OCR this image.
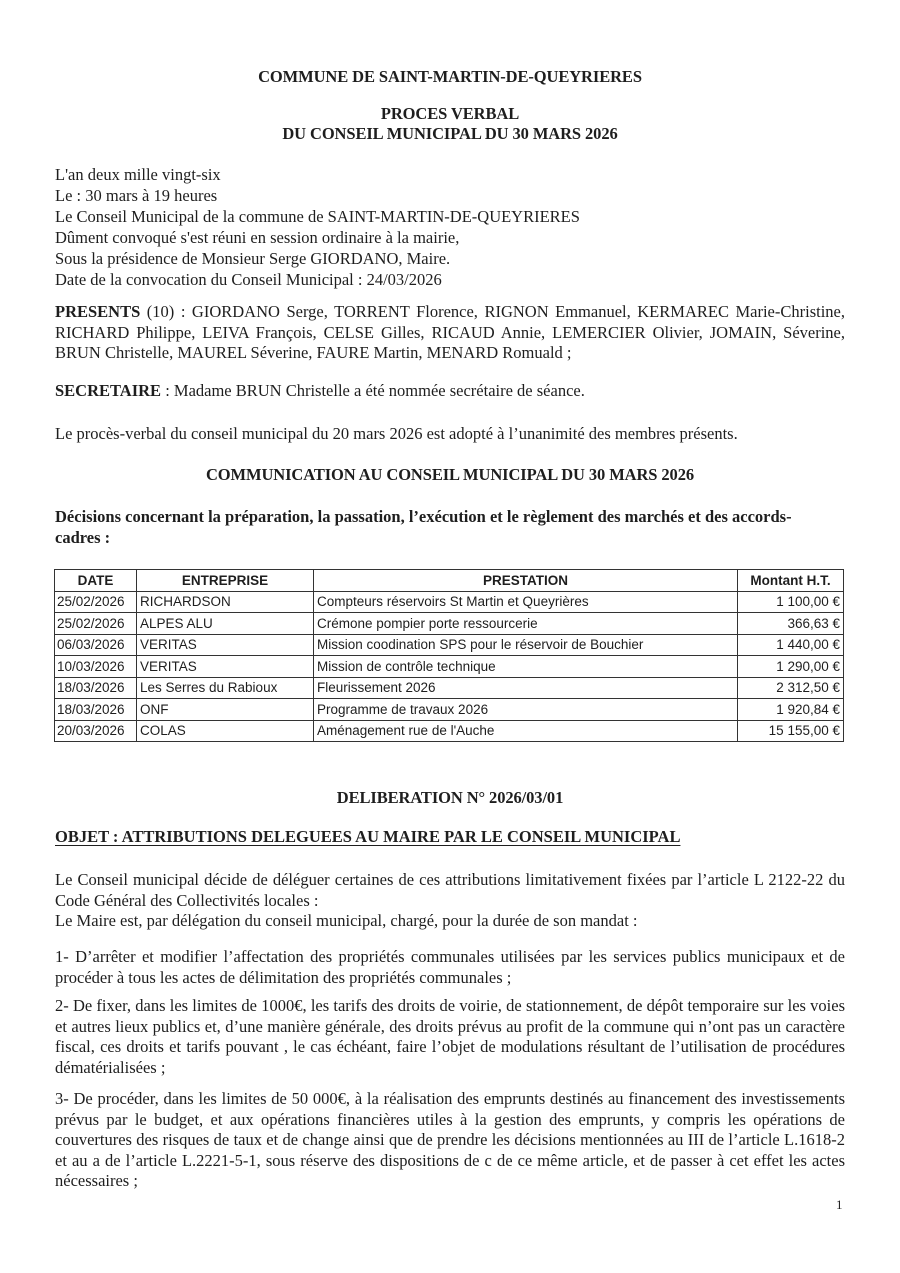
COMMUNE DE SAINT-MARTIN-DE-QUEYRIERES
PROCES VERBAL
DU CONSEIL MUNICIPAL DU 30 MARS 2026
L'an deux mille vingt-six
Le : 30 mars à 19 heures
Le Conseil Municipal de la commune de SAINT-MARTIN-DE-QUEYRIERES
Dûment convoqué s'est réuni en session ordinaire à la mairie,
Sous la présidence de Monsieur Serge GIORDANO, Maire.
Date de la convocation du Conseil Municipal : 24/03/2026
PRESENTS (10) : GIORDANO Serge, TORRENT Florence, RIGNON Emmanuel, KERMAREC Marie-Christine, RICHARD Philippe, LEIVA François, CELSE Gilles, RICAUD Annie, LEMERCIER Olivier, JOMAIN, Séverine, BRUN Christelle, MAUREL Séverine, FAURE Martin, MENARD Romuald ;
SECRETAIRE : Madame BRUN Christelle a été nommée secrétaire de séance.
Le procès-verbal du conseil municipal du 20 mars 2026 est adopté à l’unanimité des membres présents.
COMMUNICATION AU CONSEIL MUNICIPAL DU 30 MARS 2026
Décisions concernant la préparation, la passation, l’exécution et le règlement des marchés et des accords-cadres :
DATE	ENTREPRISE	PRESTATION	Montant H.T.
25/02/2026	RICHARDSON	Compteurs réservoirs St Martin et Queyrières	1 100,00 €
25/02/2026	ALPES ALU	Crémone pompier porte ressourcerie	366,63 €
06/03/2026	VERITAS	Mission coodination SPS pour le réservoir de Bouchier	1 440,00 €
10/03/2026	VERITAS	Mission de contrôle technique	1 290,00 €
18/03/2026	Les Serres du Rabioux	Fleurissement 2026	2 312,50 €
18/03/2026	ONF	Programme de travaux 2026	1 920,84 €
20/03/2026	COLAS	Aménagement rue de l'Auche	15 155,00 €
DELIBERATION N° 2026/03/01
OBJET : ATTRIBUTIONS DELEGUEES AU MAIRE PAR LE CONSEIL MUNICIPAL
Le Conseil municipal décide de déléguer certaines de ces attributions limitativement fixées par l’article L 2122-22 du Code Général des Collectivités locales :
Le Maire est, par délégation du conseil municipal, chargé, pour la durée de son mandat :
1- D’arrêter et modifier l’affectation des propriétés communales utilisées par les services publics municipaux et de procéder à tous les actes de délimitation des propriétés communales ;
2- De fixer, dans les limites de 1000€, les tarifs des droits de voirie, de stationnement, de dépôt temporaire sur les voies et autres lieux publics et, d’une manière générale, des droits prévus au profit de la commune qui n’ont pas un caractère fiscal, ces droits et tarifs pouvant , le cas échéant, faire l’objet de modulations résultant de l’utilisation de procédures dématérialisées ;
3- De procéder, dans les limites de 50 000€, à la réalisation des emprunts destinés au financement des investissements prévus par le budget, et aux opérations financières utiles à la gestion des emprunts, y compris les opérations de couvertures des risques de taux et de change ainsi que de prendre les décisions mentionnées au III de l’article L.1618-2 et au a de l’article L.2221-5-1, sous réserve des dispositions de c de ce même article, et de passer à cet effet les actes nécessaires ;
1
